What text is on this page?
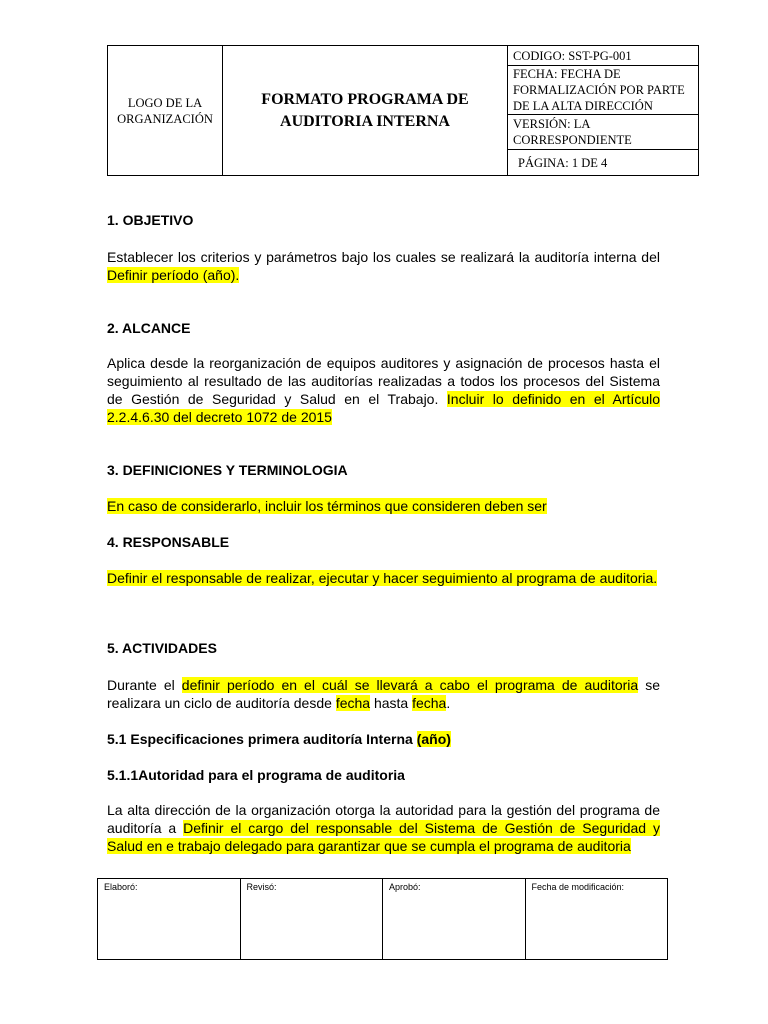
LOGO DE LA ORGANIZACIÓN	FORMATO PROGRAMA DE AUDITORIA INTERNA	CODIGO: SST-PG-001
FECHA: FECHA DE FORMALIZACIÓN POR PARTE DE LA ALTA DIRECCIÓN
VERSIÓN: LA CORRESPONDIENTE
PÁGINA: 1 DE 4
1. OBJETIVO
Establecer los criterios y parámetros bajo los cuales se realizará la auditoría interna del Definir período (año).
2. ALCANCE
Aplica desde la reorganización de equipos auditores y asignación de procesos hasta el seguimiento al resultado de las auditorías realizadas a todos los procesos del Sistema de Gestión de Seguridad y Salud en el Trabajo. Incluir lo definido en el Artículo 2.2.4.6.30 del decreto 1072 de 2015
3. DEFINICIONES Y TERMINOLOGIA
En caso de considerarlo, incluir los términos que consideren deben ser
4. RESPONSABLE
Definir el responsable de realizar, ejecutar y hacer seguimiento al programa de auditoria.
5. ACTIVIDADES
Durante el definir período en el cuál se llevará a cabo el programa de auditoria se realizara un ciclo de auditoría desde fecha hasta fecha.
5.1 Especificaciones primera auditoría Interna (año)
5.1.1Autoridad para el programa de auditoria
La alta dirección de la organización otorga la autoridad para la gestión del programa de auditoría a Definir el cargo del responsable del Sistema de Gestión de Seguridad y Salud en e trabajo delegado para garantizar que se cumpla el programa de auditoria
Elaboró:	Revisó:	Aprobó:	Fecha de modificación:
